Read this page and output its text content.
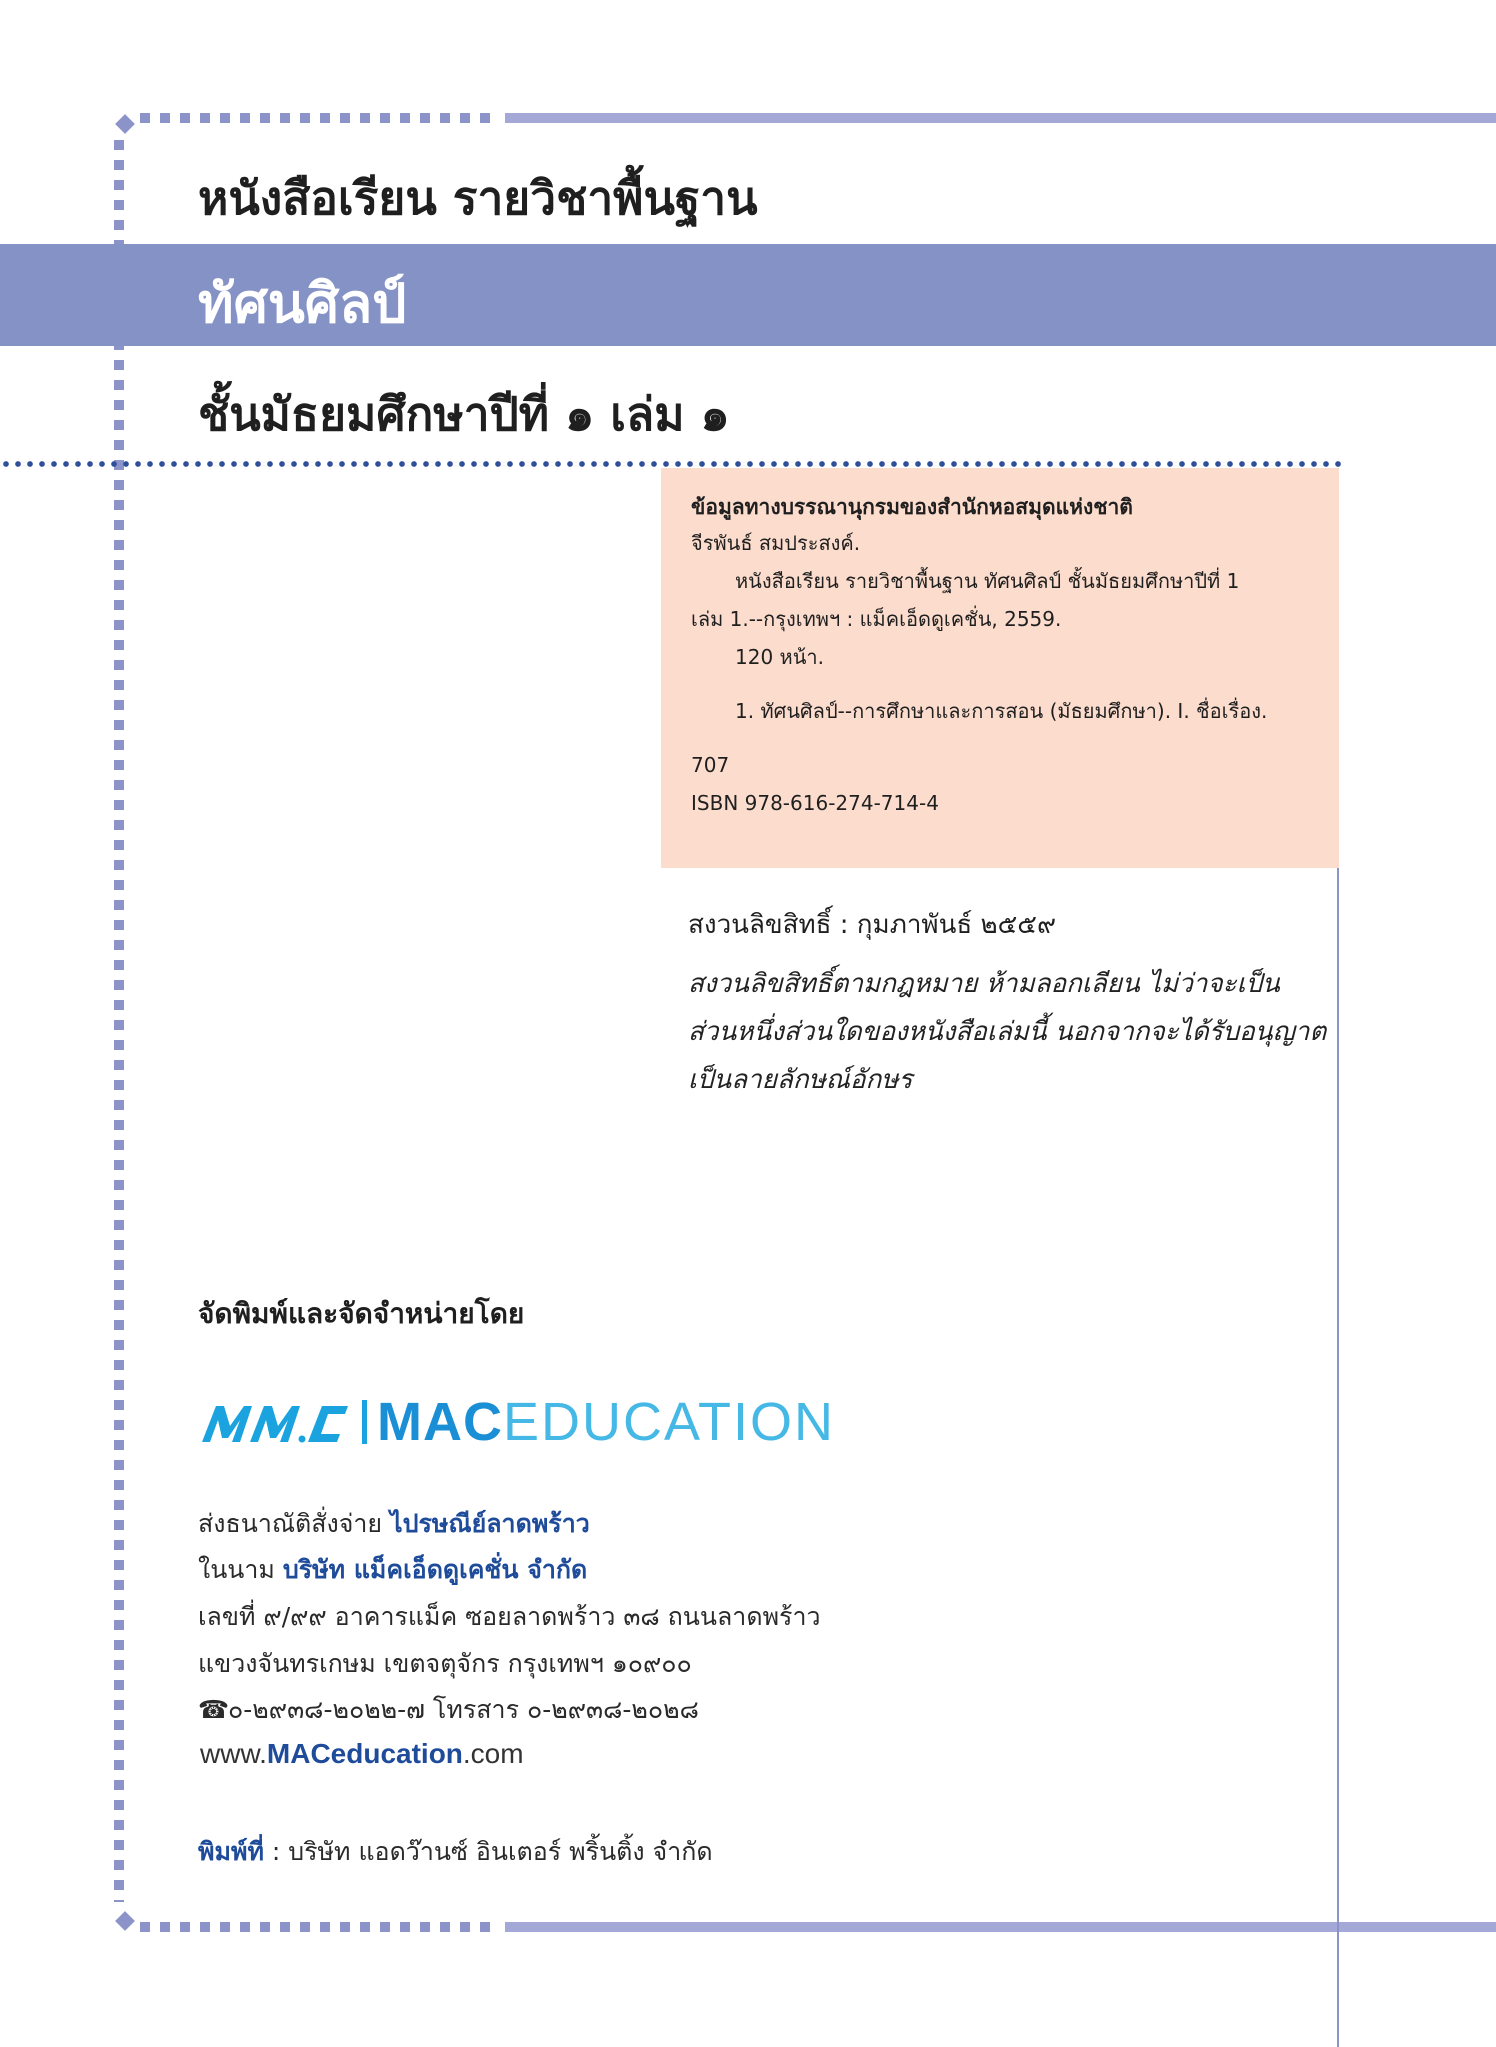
หนังสือเรียน รายวิชาพื้นฐาน
ทัศนศิลป์
ชั้นมัธยมศึกษาปีที่ ๑ เล่ม ๑
ข้อมูลทางบรรณานุกรมของสำนักหอสมุดแห่งชาติ
จีรพันธ์ สมประสงค์.
หนังสือเรียน รายวิชาพื้นฐาน ทัศนศิลป์ ชั้นมัธยมศึกษาปีที่ 1
เล่ม 1.--กรุงเทพฯ : แม็คเอ็ดดูเคชั่น, 2559.
120 หน้า.
1. ทัศนศิลป์--การศึกษาและการสอน (มัธยมศึกษา). I. ชื่อเรื่อง.
707
ISBN 978-616-274-714-4
สงวนลิขสิทธิ์ : กุมภาพันธ์ ๒๕๕๙
สงวนลิขสิทธิ์ตามกฎหมาย ห้ามลอกเลียน ไม่ว่าจะเป็น
ส่วนหนึ่งส่วนใดของหนังสือเล่มนี้ นอกจากจะได้รับอนุญาต
เป็นลายลักษณ์อักษร
จัดพิมพ์และจัดจำหน่ายโดย
MAC EDUCATION
ส่งธนาณัติสั่งจ่าย ไปรษณีย์ลาดพร้าว
ในนาม บริษัท แม็คเอ็ดดูเคชั่น จำกัด
เลขที่ ๙/๙๙ อาคารแม็ค ซอยลาดพร้าว ๓๘ ถนนลาดพร้าว
แขวงจันทรเกษม เขตจตุจักร กรุงเทพฯ ๑๐๙๐๐
☎๐-๒๙๓๘-๒๐๒๒-๗ โทรสาร ๐-๒๙๓๘-๒๐๒๘
www.MACeducation.com
พิมพ์ที่ : บริษัท แอดว๊านซ์ อินเตอร์ พริ้นติ้ง จำกัด
